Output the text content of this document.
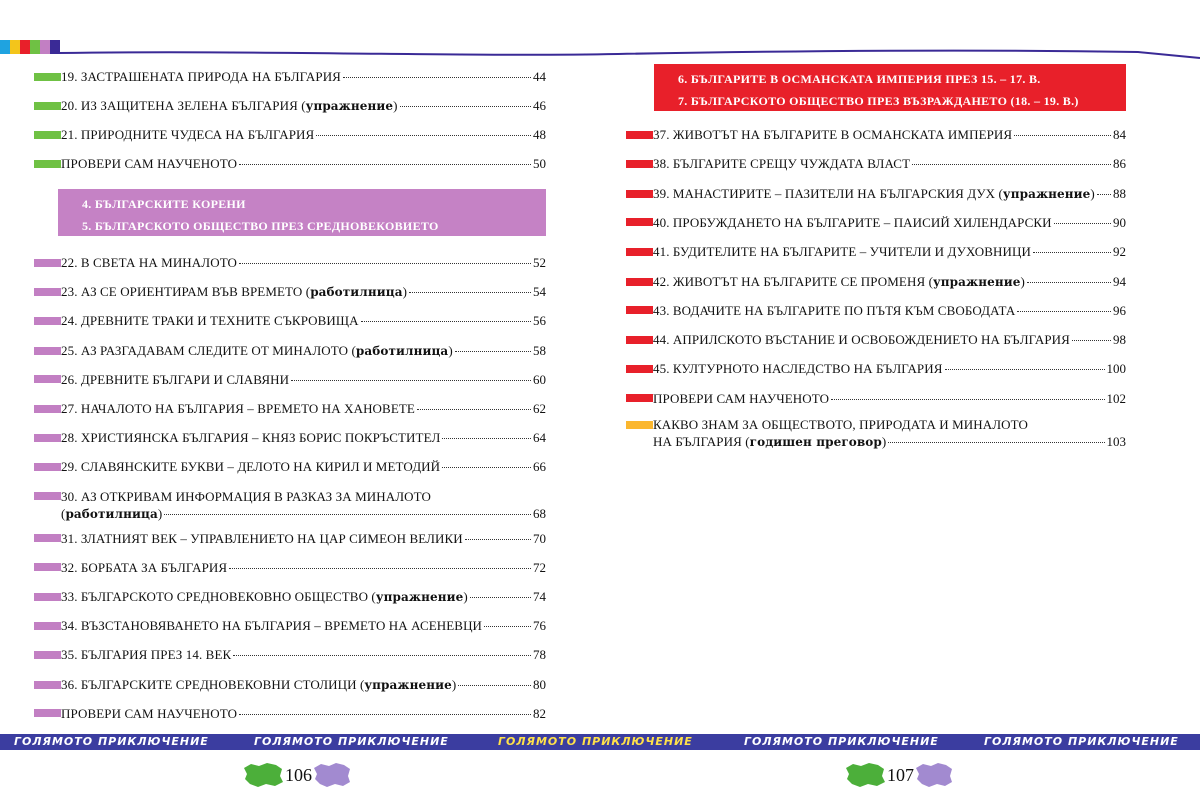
19. ЗАСТРАШЕНАТА ПРИРОДА НА БЪЛГАРИЯ	44
20. ИЗ ЗАЩИТЕНА ЗЕЛЕНА БЪЛГАРИЯ (упражнение)	46
21. ПРИРОДНИТЕ ЧУДЕСА НА БЪЛГАРИЯ	48
ПРОВЕРИ САМ НАУЧЕНОТО	50
4. БЪЛГАРСКИТЕ КОРЕНИ
5. БЪЛГАРСКОТО ОБЩЕСТВО ПРЕЗ СРЕДНОВЕКОВИЕТО
22. В СВЕТА НА МИНАЛОТО	52
23. АЗ СЕ ОРИЕНТИРАМ ВЪВ ВРЕМЕТО (работилница)	54
24. ДРЕВНИТЕ ТРАКИ И ТЕХНИТЕ СЪКРОВИЩА	56
25. АЗ РАЗГАДАВАМ СЛЕДИТЕ ОТ МИНАЛОТО (работилница)	58
26. ДРЕВНИТЕ БЪЛГАРИ И СЛАВЯНИ	60
27. НАЧАЛОТО НА БЪЛГАРИЯ – ВРЕМЕТО НА ХАНОВЕТЕ	62
28. ХРИСТИЯНСКА БЪЛГАРИЯ – КНЯЗ БОРИС ПОКРЪСТИТЕЛ	64
29. СЛАВЯНСКИТЕ БУКВИ – ДЕЛОТО НА КИРИЛ И МЕТОДИЙ	66
30. АЗ ОТКРИВАМ ИНФОРМАЦИЯ В РАЗКАЗ ЗА МИНАЛОТО
(работилница)	68
31. ЗЛАТНИЯТ ВЕК – УПРАВЛЕНИЕТО НА ЦАР СИМЕОН ВЕЛИКИ	70
32. БОРБАТА ЗА БЪЛГАРИЯ	72
33. БЪЛГАРСКОТО СРЕДНОВЕКОВНО ОБЩЕСТВО (упражнение)	74
34. ВЪЗСТАНОВЯВАНЕТО НА БЪЛГАРИЯ – ВРЕМЕТО НА АСЕНЕВЦИ	76
35. БЪЛГАРИЯ ПРЕЗ 14. ВЕК	78
36. БЪЛГАРСКИТЕ СРЕДНОВЕКОВНИ СТОЛИЦИ (упражнение)	80
ПРОВЕРИ САМ НАУЧЕНОТО	82
6. БЪЛГАРИТЕ В ОСМАНСКАТА ИМПЕРИЯ ПРЕЗ 15. – 17. В.
7. БЪЛГАРСКОТО ОБЩЕСТВО ПРЕЗ ВЪЗРАЖДАНЕТО (18. – 19. В.)
37. ЖИВОТЪТ НА БЪЛГАРИТЕ В ОСМАНСКАТА ИМПЕРИЯ	84
38. БЪЛГАРИТЕ СРЕЩУ ЧУЖДАТА ВЛАСТ	86
39. МАНАСТИРИТЕ – ПАЗИТЕЛИ НА БЪЛГАРСКИЯ ДУХ (упражнение) 88
40. ПРОБУЖДАНЕТО НА БЪЛГАРИТЕ – ПАИСИЙ ХИЛЕНДАРСКИ	90
41. БУДИТЕЛИТЕ НА БЪЛГАРИТЕ – УЧИТЕЛИ И ДУХОВНИЦИ	92
42. ЖИВОТЪТ НА БЪЛГАРИТЕ СЕ ПРОМЕНЯ (упражнение)	94
43. ВОДАЧИТЕ НА БЪЛГАРИТЕ ПО ПЪТЯ КЪМ СВОБОДАТА	96
44. АПРИЛСКОТО ВЪСТАНИЕ И ОСВОБОЖДЕНИЕТО НА БЪЛГАРИЯ	98
45. КУЛТУРНОТО НАСЛЕДСТВО НА БЪЛГАРИЯ	100
ПРОВЕРИ САМ НАУЧЕНОТО	102
КАКВО ЗНАМ ЗА ОБЩЕСТВОТО, ПРИРОДАТА И МИНАЛОТО
НА БЪЛГАРИЯ (годишен преговор)	103
ГОЛЯМОТО ПРИКЛЮЧЕНИЕ	ГОЛЯМОТО ПРИКЛЮЧЕНИЕ	ГОЛЯМОТО ПРИКЛЮЧЕНИЕ	ГОЛЯМОТО ПРИКЛЮЧЕНИЕ	ГОЛЯМОТО ПРИКЛЮЧЕНИЕ
106	107
